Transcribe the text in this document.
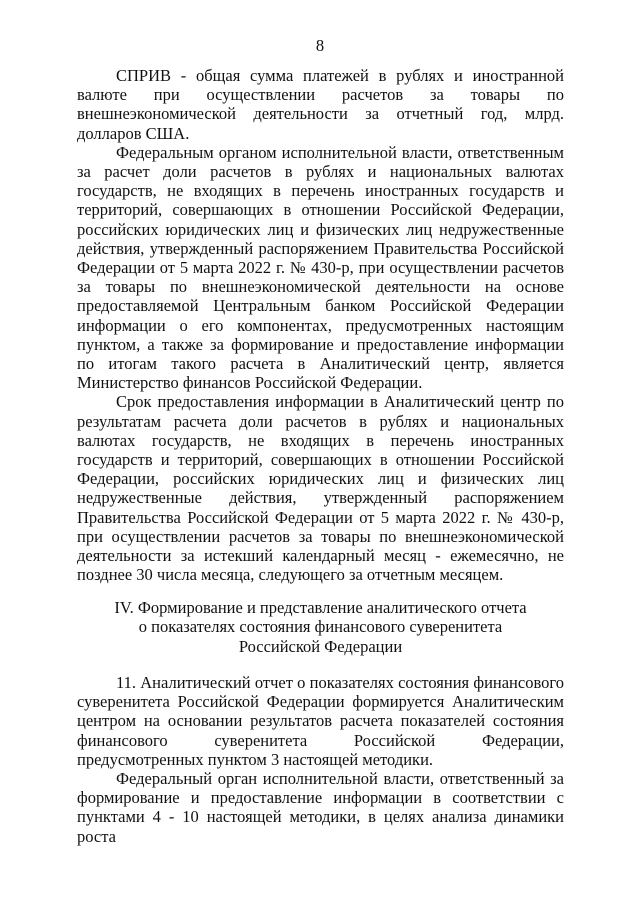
8

СПРИВ - общая сумма платежей в рублях и иностранной валюте при осуществлении расчетов за товары по внешнеэкономической деятельности за отчетный год, млрд. долларов США.

Федеральным органом исполнительной власти, ответственным за расчет доли расчетов в рублях и национальных валютах государств, не входящих в перечень иностранных государств и территорий, совершающих в отношении Российской Федерации, российских юридических лиц и физических лиц недружественные действия, утвержденный распоряжением Правительства Российской Федерации от 5 марта 2022 г. № 430-р, при осуществлении расчетов за товары по внешнеэкономической деятельности на основе предоставляемой Центральным банком Российской Федерации информации о его компонентах, предусмотренных настоящим пунктом, а также за формирование и предоставление информации по итогам такого расчета в Аналитический центр, является Министерство финансов Российской Федерации.

Срок предоставления информации в Аналитический центр по результатам расчета доли расчетов в рублях и национальных валютах государств, не входящих в перечень иностранных государств и территорий, совершающих в отношении Российской Федерации, российских юридических лиц и физических лиц недружественные действия, утвержденный распоряжением Правительства Российской Федерации от 5 марта 2022 г. № 430-р, при осуществлении расчетов за товары по внешнеэкономической деятельности за истекший календарный месяц - ежемесячно, не позднее 30 числа месяца, следующего за отчетным месяцем.

IV. Формирование и представление аналитического отчета
о показателях состояния финансового суверенитета
Российской Федерации

11. Аналитический отчет о показателях состояния финансового суверенитета Российской Федерации формируется Аналитическим центром на основании результатов расчета показателей состояния финансового суверенитета Российской Федерации, предусмотренных пунктом 3 настоящей методики.

Федеральный орган исполнительной власти, ответственный за формирование и предоставление информации в соответствии с пунктами 4 - 10 настоящей методики, в целях анализа динамики роста
